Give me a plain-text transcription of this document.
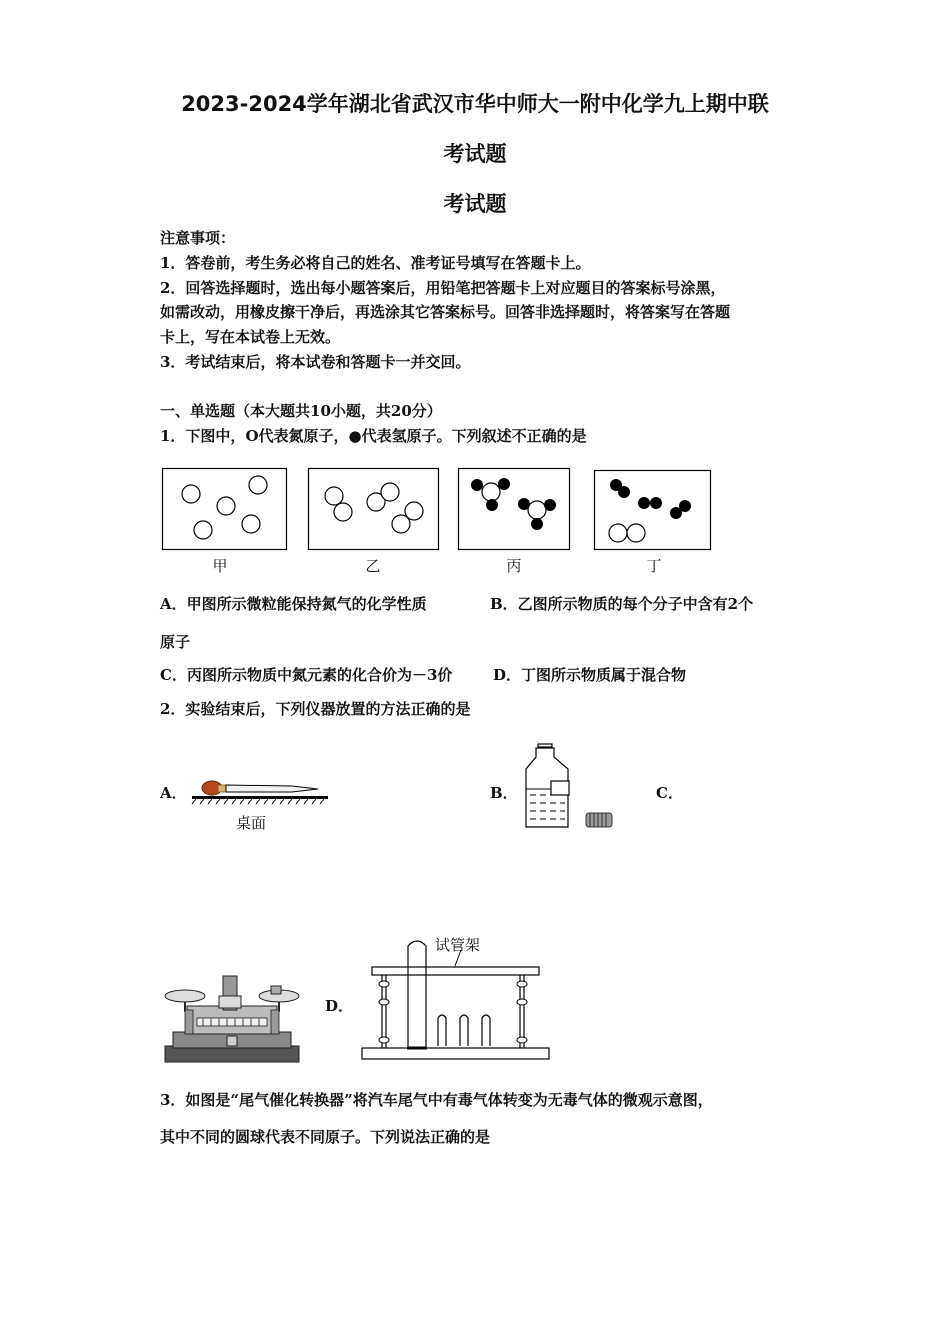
2023-2024学年湖北省武汉市华中师大一附中化学九上期中联
考试题
考试题
注意事项：
1．答卷前，考生务必将自己的姓名、准考证号填写在答题卡上。
2．回答选择题时，选出每小题答案后，用铅笔把答题卡上对应题目的答案标号涂黑，
如需改动，用橡皮擦干净后，再选涂其它答案标号。回答非选择题时，将答案写在答题
卡上，写在本试卷上无效。
3．考试结束后，将本试卷和答题卡一并交回。
一、单选题（本大题共10小题，共20分）
1．下图中，O代表氮原子，●代表氢原子。下列叙述不正确的是
甲	乙	丙	丁
A．甲图所示微粒能保持氮气的化学性质	B．乙图所示物质的每个分子中含有2个
原子
C．丙图所示物质中氮元素的化合价为－3价	D．丁图所示物质属于混合物
2．实验结束后，下列仪器放置的方法正确的是
A．
桌面
B．	C．
D．
试管架
3．如图是“尾气催化转换器”将汽车尾气中有毒气体转变为无毒气体的微观示意图，
其中不同的圆球代表不同原子。下列说法正确的是
